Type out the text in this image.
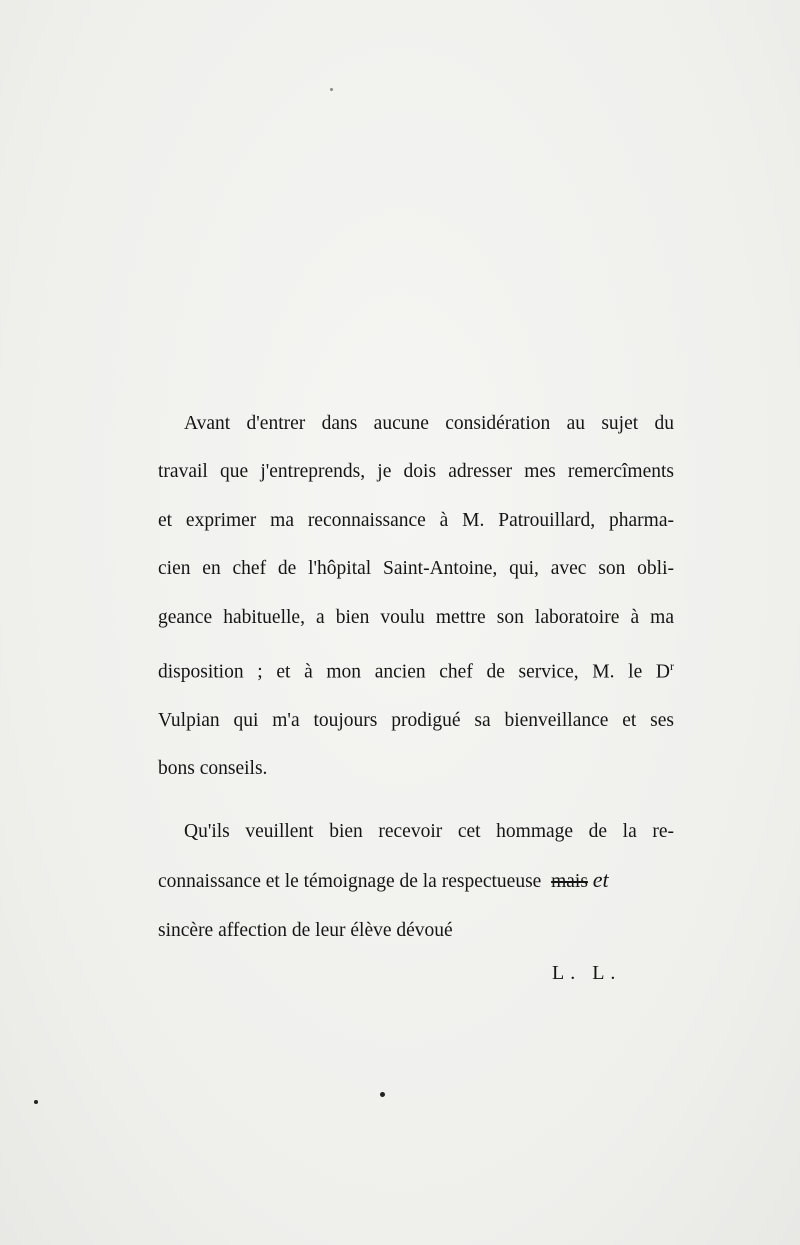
Avant d'entrer dans aucune considération au sujet du
travail que j'entreprends, je dois adresser mes remercîments
et exprimer ma reconnaissance à M. Patrouillard, pharma-
cien en chef de l'hôpital Saint-Antoine, qui, avec son obli-
geance habituelle, a bien voulu mettre son laboratoire à ma
disposition ; et à mon ancien chef de service, M. le $D^r$
Vulpian qui m'a toujours prodigué sa bienveillance et ses
bons conseils.

Qu'ils veuillent bien recevoir cet hommage de la re-
connaissance et le témoignage de la respectueuse mais et
sincère affection de leur élève dévoué

L. L.
